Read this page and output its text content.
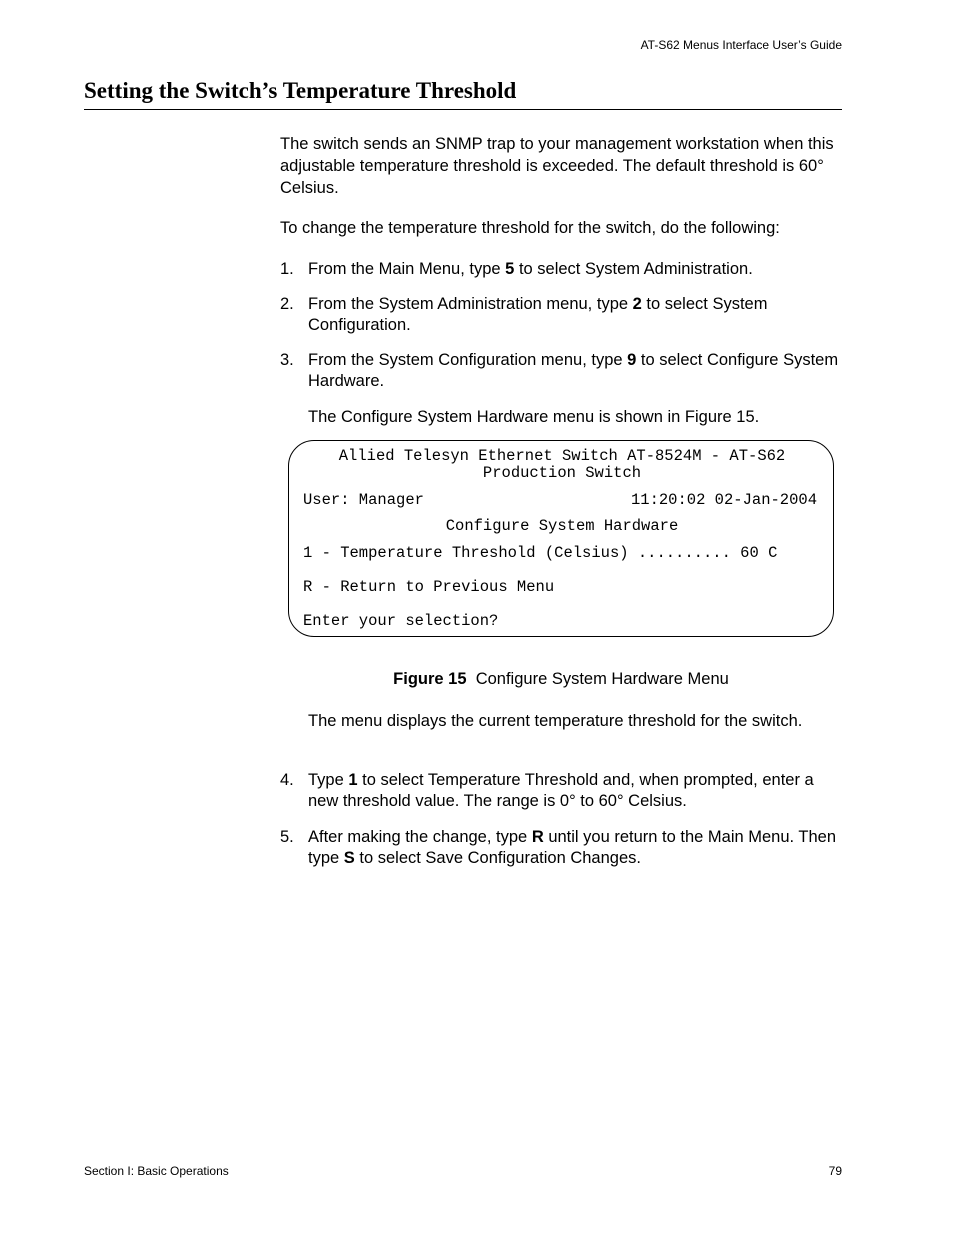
AT-S62 Menus Interface User’s Guide
Setting the Switch’s Temperature Threshold

The switch sends an SNMP trap to your management workstation when this adjustable temperature threshold is exceeded. The default threshold is 60° Celsius.

To change the temperature threshold for the switch, do the following:

1. From the Main Menu, type 5 to select System Administration.
2. From the System Administration menu, type 2 to select System Configuration.
3. From the System Configuration menu, type 9 to select Configure System Hardware.

The Configure System Hardware menu is shown in Figure 15.

Allied Telesyn Ethernet Switch AT-8524M - AT-S62
Production Switch
User: Manager	11:20:02 02-Jan-2004
Configure System Hardware
1 - Temperature Threshold (Celsius) .......... 60 C
R - Return to Previous Menu
Enter your selection?
Figure 15 Configure System Hardware Menu

The menu displays the current temperature threshold for the switch.

4. Type 1 to select Temperature Threshold and, when prompted, enter a new threshold value. The range is 0° to 60° Celsius.
5. After making the change, type R until you return to the Main Menu. Then type S to select Save Configuration Changes.
Section I: Basic Operations	79
